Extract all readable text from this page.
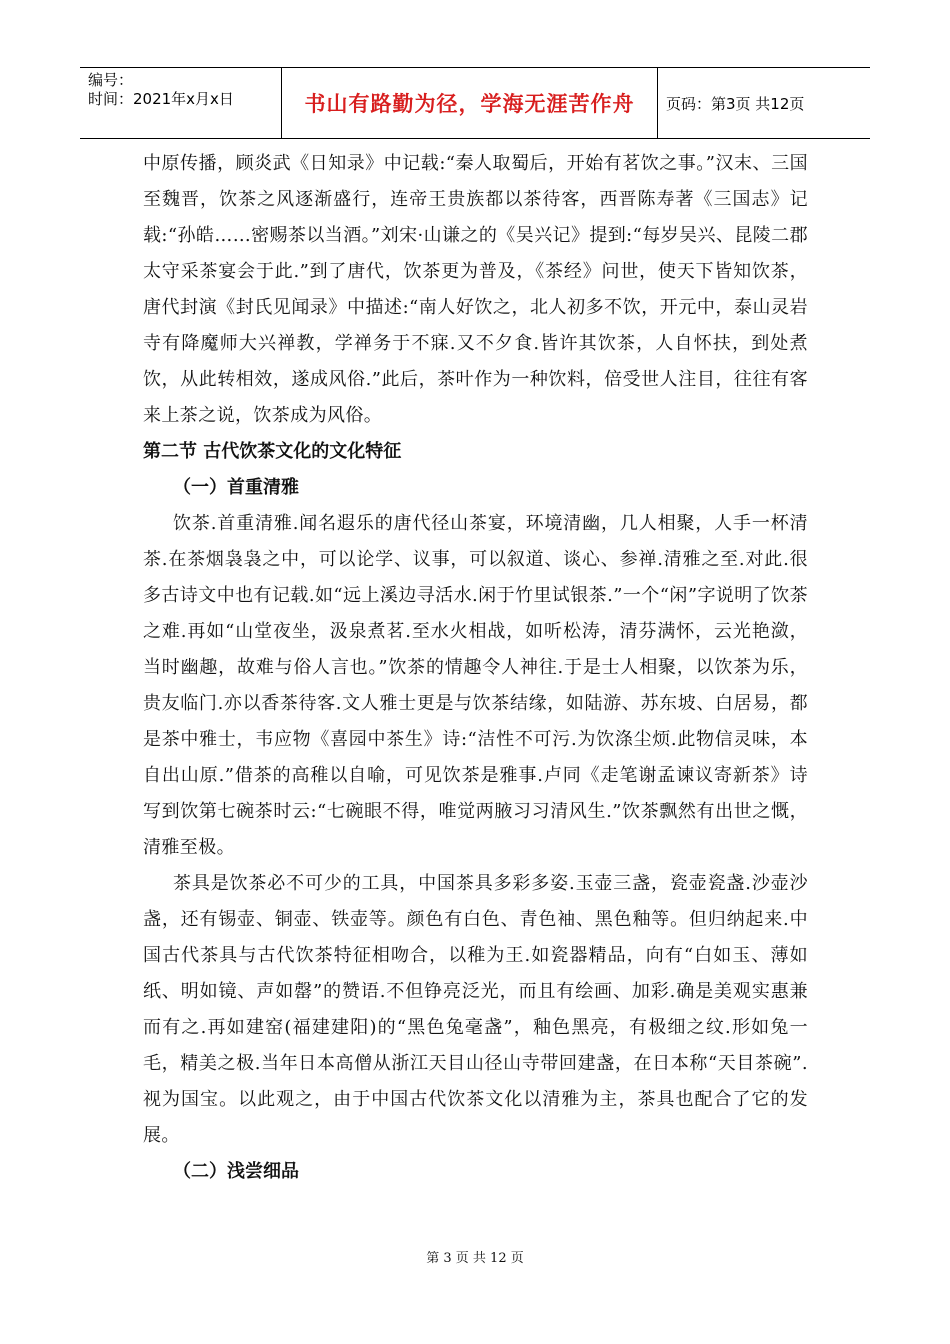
编号：
时间：2021年x月x日	书山有路勤为径，学海无涯苦作舟 页码：第3页 共12页

中原传播，顾炎武《日知录》中记载:“秦人取蜀后，开始有茗饮之事。”汉末、三国至魏晋，饮茶之风逐渐盛行，连帝王贵族都以茶待客，西晋陈寿著《三国志》记载:“孙皓……密赐茶以当酒。”刘宋·山谦之的《吴兴记》提到:“每岁吴兴、昆陵二郡太守采茶宴会于此.”到了唐代，饮茶更为普及，《茶经》问世，使天下皆知饮茶，唐代封演《封氏见闻录》中描述:“南人好饮之，北人初多不饮，开元中，泰山灵岩寺有降魔师大兴禅教，学禅务于不寐.又不夕食.皆许其饮茶，人自怀扶，到处煮饮，从此转相效，遂成风俗.”此后，茶叶作为一种饮料，倍受世人注目，往往有客来上茶之说，饮茶成为风俗。

第二节 古代饮茶文化的文化特征

（一）首重清雅

饮茶.首重清雅.闻名遐乐的唐代径山茶宴，环境清幽，几人相聚，人手一杯清茶.在茶烟袅袅之中，可以论学、议事，可以叙道、谈心、参禅.清雅之至.对此.很多古诗文中也有记载.如“远上溪边寻活水.闲于竹里试银茶.”一个“闲”字说明了饮茶之难.再如“山堂夜坐，汲泉煮茗.至水火相战，如听松涛，清芬满怀，云光艳潋，当时幽趣，故难与俗人言也。”饮茶的情趣令人神往.于是士人相聚，以饮茶为乐，贵友临门.亦以香茶待客.文人雅士更是与饮茶结缘，如陆游、苏东坡、白居易，都是茶中雅士，韦应物《喜园中茶生》诗:“洁性不可污.为饮涤尘烦.此物信灵味，本自出山原.”借茶的高稚以自喻，可见饮茶是雅事.卢同《走笔谢孟谏议寄新茶》诗写到饮第七碗茶时云:“七碗眼不得，唯觉两腋习习清风生.”饮茶飘然有出世之慨，清雅至极。

茶具是饮茶必不可少的工具，中国茶具多彩多姿.玉壶三盏，瓷壶瓷盏.沙壶沙盏，还有锡壶、铜壶、铁壶等。颜色有白色、青色袖、黑色釉等。但归纳起来.中国古代茶具与古代饮茶特征相吻合，以稚为王.如瓷器精品，向有“白如玉、薄如纸、明如镜、声如罄”的赞语.不但铮亮泛光，而且有绘画、加彩.确是美观实惠兼而有之.再如建窑(福建建阳)的“黑色兔毫盏”，釉色黑亮，有极细之纹.形如兔一毛，精美之极.当年日本高僧从浙江天目山径山寺带回建盏，在日本称“天目茶碗”.视为国宝。以此观之，由于中国古代饮茶文化以清雅为主，茶具也配合了它的发展。

（二）浅尝细品

第 3 页 共 12 页
